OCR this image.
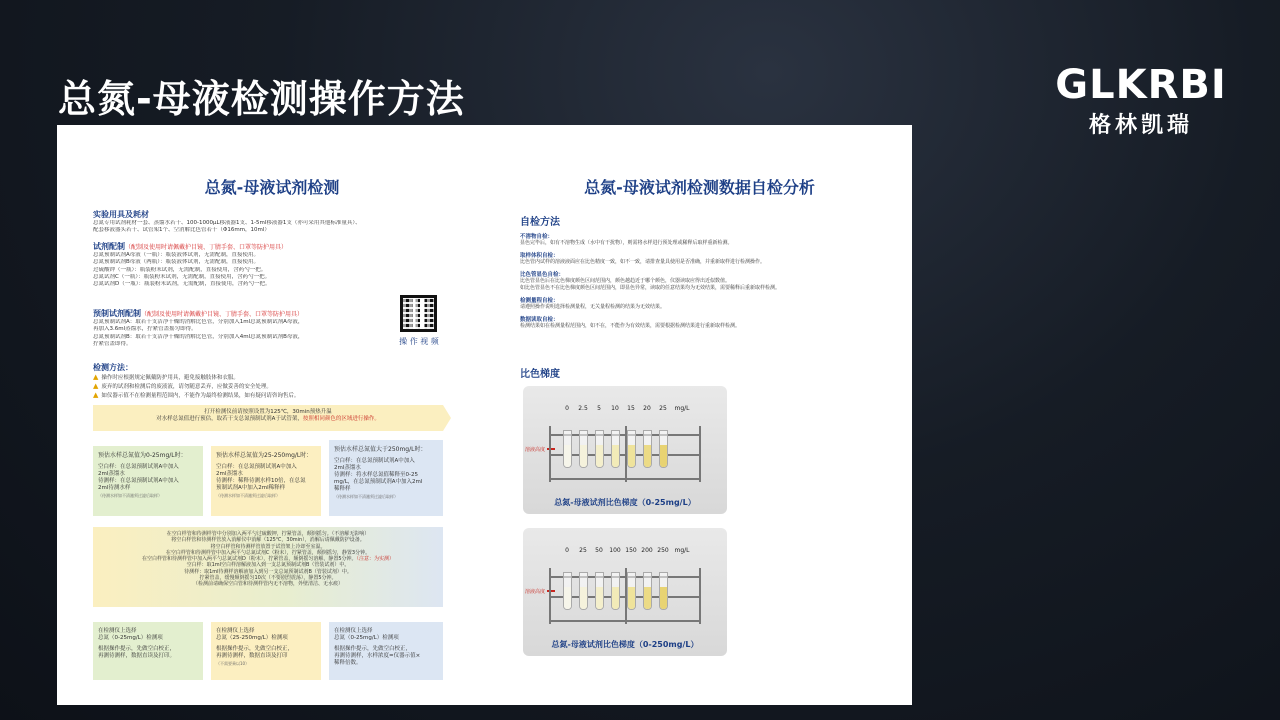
总氮-母液检测操作方法	GLKRBI
格林凯瑞
总氮-母液试剂检测
实验用具及耗材
总氮专用试剂耗材一套、蒸馏水若干、100-1000μL移液器1支、1-5ml移液器1支（亦可采用其他标准量具）、
配套移液器头若干、试管架1个、空消解比色管若干（Φ16mm，10ml）
试剂配制（配制及使用时请佩戴护目镜、丁腈手套、口罩等防护用具）
总氮预制试剂A母液（一瓶）：瓶装液体试剂，无需配制，直接使用。
总氮预制试剂B母液（两瓶）：瓶装液体试剂，无需配制，直接使用。
过硫酸钾（一瓶）：瓶装粉末试剂，无需配制，直接使用，含药勺一把。
总氮试剂C（一瓶）：瓶装粉末试剂，无需配制，直接使用，含药勺一把。
总氮试剂D（一瓶）：瓶装粉末试剂，无需配制，直接使用，含药勺一把。
操 作 视 频
预制试剂配制（配制及使用时请佩戴护目镜、丁腈手套、口罩等防护用具）
总氮预制试剂A：取若干支洁净干燥的消解比色管，分别加入1ml总氮预制试剂A母液，
再加入3.6ml蒸馏水，拧紧管盖摇匀即得。
总氮预制试剂B：取若干支洁净干燥的消解比色管，分别加入4ml总氮预制试剂B母液，
拧紧管盖即得。
检测方法：
▲ 操作时应根据规定佩戴防护用具，避免接触肢体和衣服。
▲ 废弃的试剂和检测后的废液液，请勿随意丢弃，应做妥善的安全处理。
▲ 如仪器示值不在检测量程范围内，不能作为最终检测结果，如有疑问请咨询售后。
打开检测仪前请按照设置为125℃，30min预热升温
对水样总氮值进行预估，取若干支总氮预制试剂A于试管架，按照相同颜色的区域进行操作。
预估水样总氮值为0-25mg/L时：
空白样：在总氮预制试剂A中加入
2ml蒸馏水
待测样：在总氮预制试剂A中加入
2ml待测水样
（待测水样如不清澈须过滤后取样）
预估水样总氮值为25-250mg/L时：
空白样：在总氮预制试剂A中加入
2ml蒸馏水
待测样：稀释待测水样10倍，在总氮
预制试剂A中加入2ml稀释样
（待测水样如不清澈须过滤后取样）
预估水样总氮值大于250mg/L时：
空白样：在总氮预制试剂A中加入
2ml蒸馏水
待测样：将水样总氮值稀释至0-25
mg/L，在总氮预制试剂A中加入2ml
稀释样
（待测水样如不清澈须过滤后取样）
在空白样管和待测样管中分别加入两平勺过硫酸钾，拧紧管盖，颠倒摇匀。（不溶解无影响）
将空白样管和待测样管放入消解仪中消解（125℃，30min），消解后请佩戴防护设备。
将空白样管和待测样管放置于试管架上冷却至室温。
在空白样管和待测样管中加入两平勺总氮试剂C（粉末），拧紧管盖，颠倒摇匀，静置3分钟。
在空白样管和待测样管中加入两平勺总氮试剂D（粉末），拧紧管盖，颠倒摇匀溶解，静置5分钟。（注意：为实测）
空白样：取1ml空白样溶解液加入到一支总氮预制试剂B（管装试剂）中。
待测样：取1ml待测样溶解液加入到另一支总氮预制试剂B（管装试剂）中。
拧紧管盖，缓慢颠倒摇匀10次（不要剧烈震荡），静置5分钟。
（检测前请确保空白管和待测样管内无不溶物，外壁清洁、无水痕）
在检测仪上选择
总氮（0-25mg/L）检测项
根据操作提示，先做空白校正，
再测待测样，数据直读及打印。
在检测仪上选择
总氮（25-250mg/L）检测项
根据操作提示，先做空白校正，
再测待测样，数据直读及打印
（不需要乘以10）
在检测仪上选择
总氮（0-25mg/L）检测项
根据操作提示，先做空白校正，
再测待测样，水样浓度=仪器示值×
稀释倍数。
总氮-母液试剂检测数据自检分析
自检方法
不溶物自检：
显色完毕后，如有不溶物生成（水中有干扰物），则需将水样进行预处理或稀释后取样重新检测。
取样体积自检：
比色管内试样的溶液液面应在比色精度一致，如不一致，请排查量具使用是否准确，并重新取样进行检测操作。
比色管显色自检：
比色管显色后在比色梯度颜色区间范围内，颜色越趋近于哪个颜色，仪器读取应得出近似数值。
如比色管显色不在比色梯度颜色区间范围内，即显色异常，读取的任意结果均为无效结果，需要稀释后重新取样检测。
检测量程自检：
请遵照操作说明选择检测量程，无关量程检测的结果为无效结果。
数据读取自检：
检测结果如在检测量程范围内，如不在，不能作为有效结果，需要根据检测结果进行重新取样检测。
比色梯度
0	2.5	5	10	15	20	25	mg/L
溶液高度
总氮-母液试剂比色梯度（0-25mg/L）
0	25	50	100 150 200 250 mg/L
溶液高度
总氮-母液试剂比色梯度（0-250mg/L）
